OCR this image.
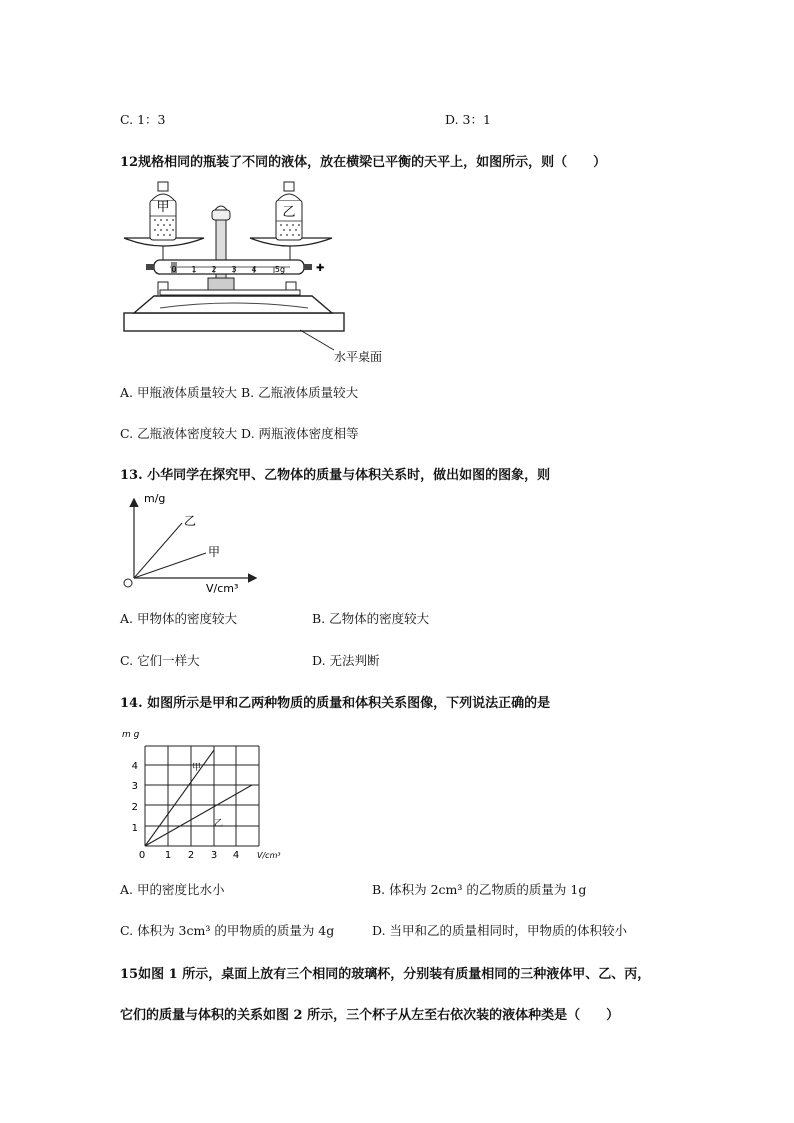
C. 1：3	D. 3：1
12规格相同的瓶装了不同的液体，放在横梁已平衡的天平上，如图所示，则（　　）
0 1 2 3 4 5g	✚
甲	乙
水平桌面
A. 甲瓶液体质量较大 B. 乙瓶液体质量较大
C. 乙瓶液体密度较大 D. 两瓶液体密度相等
13. 小华同学在探究甲、乙物体的质量与体积关系时，做出如图的图象，则
m/g
V/cm³
乙
甲
A. 甲物体的密度较大	B. 乙物体的密度较大
C. 它们一样大	D. 无法判断
14. 如图所示是甲和乙两种物质的质量和体积关系图像，下列说法正确的是
m g
1
2
3
4
0 1 2 3 4 V/cm³
甲
乙
A. 甲的密度比水小	B. 体积为 2cm³ 的乙物质的质量为 1g
C. 体积为 3cm³ 的甲物质的质量为 4g	D. 当甲和乙的质量相同时，甲物质的体积较小
15如图 1 所示，桌面上放有三个相同的玻璃杯，分别装有质量相同的三种液体甲、乙、丙，
它们的质量与体积的关系如图 2 所示，三个杯子从左至右依次装的液体种类是（　　）
